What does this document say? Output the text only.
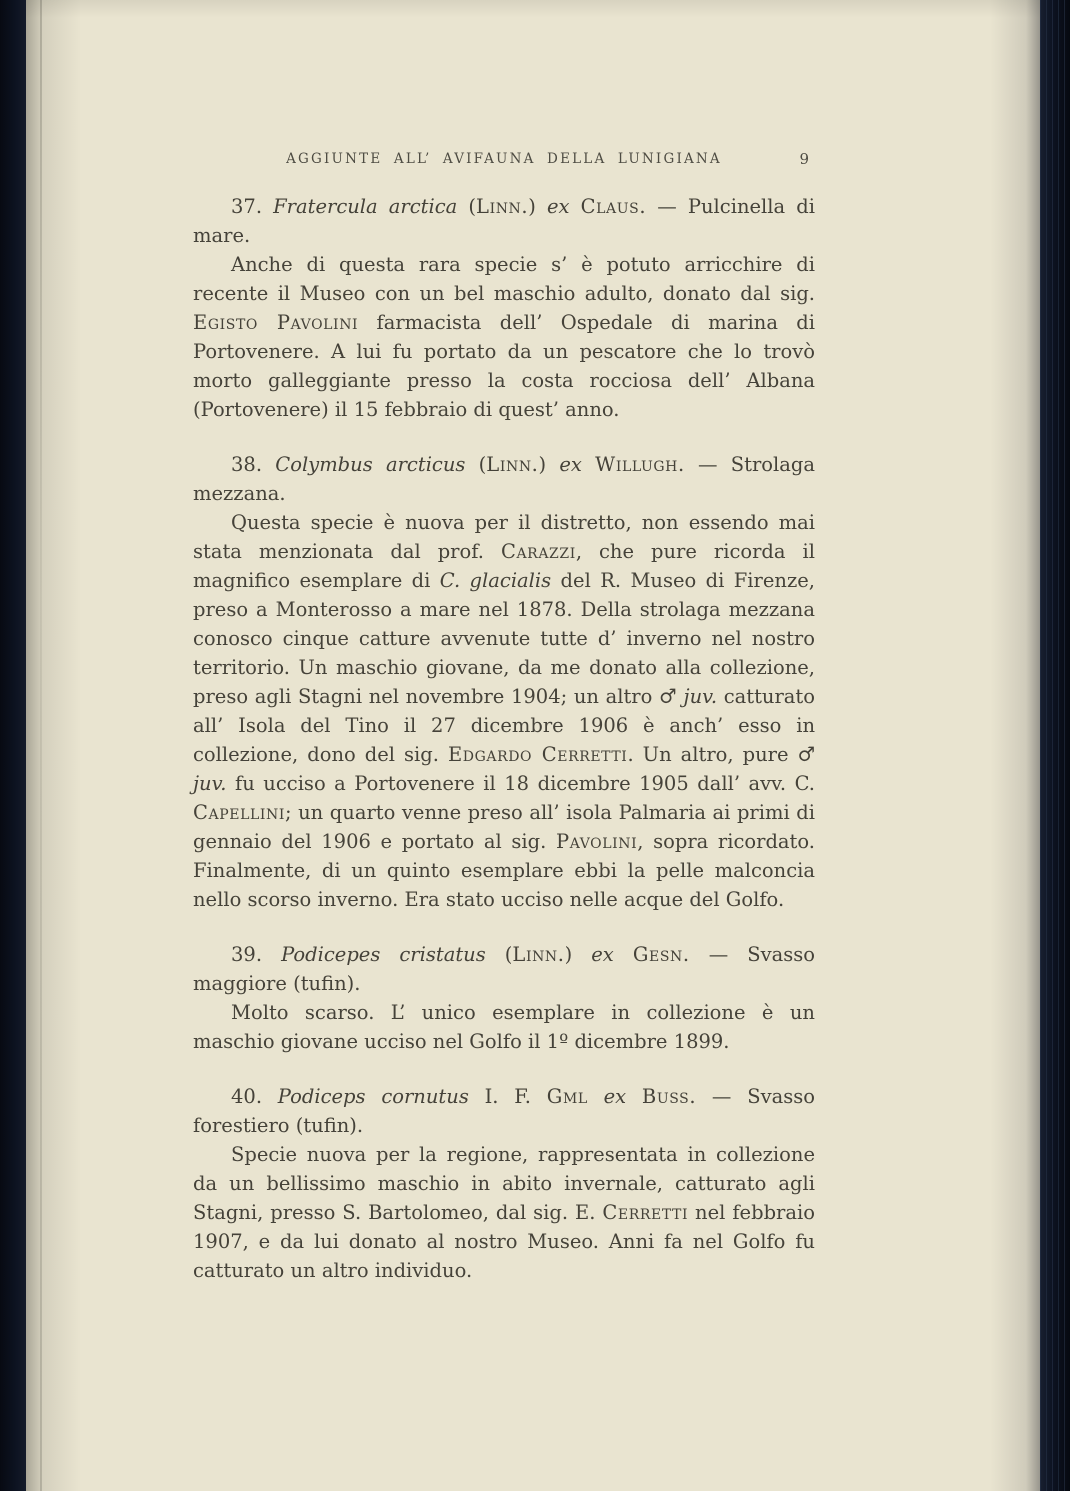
AGGIUNTE ALL’ AVIFAUNA DELLA LUNIGIANA	9

37. Fratercula arctica (Linn.) ex Claus. — Pulcinella di mare.

Anche di questa rara specie s’ è potuto arricchire di recente il Museo con un bel maschio adulto, donato dal sig. Egisto Pavolini farmacista dell’ Ospedale di marina di Portovenere. A lui fu portato da un pescatore che lo trovò morto galleggiante presso la costa rocciosa dell’ Albana (Portovenere) il 15 febbraio di quest’ anno.

38. Colymbus arcticus (Linn.) ex Willugh. — Strolaga mezzana.

Questa specie è nuova per il distretto, non essendo mai stata menzionata dal prof. Carazzi, che pure ricorda il magnifico esemplare di C. glacialis del R. Museo di Firenze, preso a Monterosso a mare nel 1878. Della strolaga mezzana conosco cinque catture avvenute tutte d’ inverno nel nostro territorio. Un maschio giovane, da me donato alla collezione, preso agli Stagni nel novembre 1904; un altro ♂ juv. catturato all’ Isola del Tino il 27 dicembre 1906 è anch’ esso in collezione, dono del sig. Edgardo Cerretti. Un altro, pure ♂ juv. fu ucciso a Portovenere il 18 dicembre 1905 dall’ avv. C. Capellini; un quarto venne preso all’ isola Palmaria ai primi di gennaio del 1906 e portato al sig. Pavolini, sopra ricordato. Finalmente, di un quinto esemplare ebbi la pelle malconcia nello scorso inverno. Era stato ucciso nelle acque del Golfo.

39. Podicepes cristatus (Linn.) ex Gesn. — Svasso maggiore (tufin).

Molto scarso. L’ unico esemplare in collezione è un maschio giovane ucciso nel Golfo il 1º dicembre 1899.

40. Podiceps cornutus I. F. Gml ex Buss. — Svasso forestiero (tufin).

Specie nuova per la regione, rappresentata in collezione da un bellissimo maschio in abito invernale, catturato agli Stagni, presso S. Bartolomeo, dal sig. E. Cerretti nel febbraio 1907, e da lui donato al nostro Museo. Anni fa nel Golfo fu catturato un altro individuo.
